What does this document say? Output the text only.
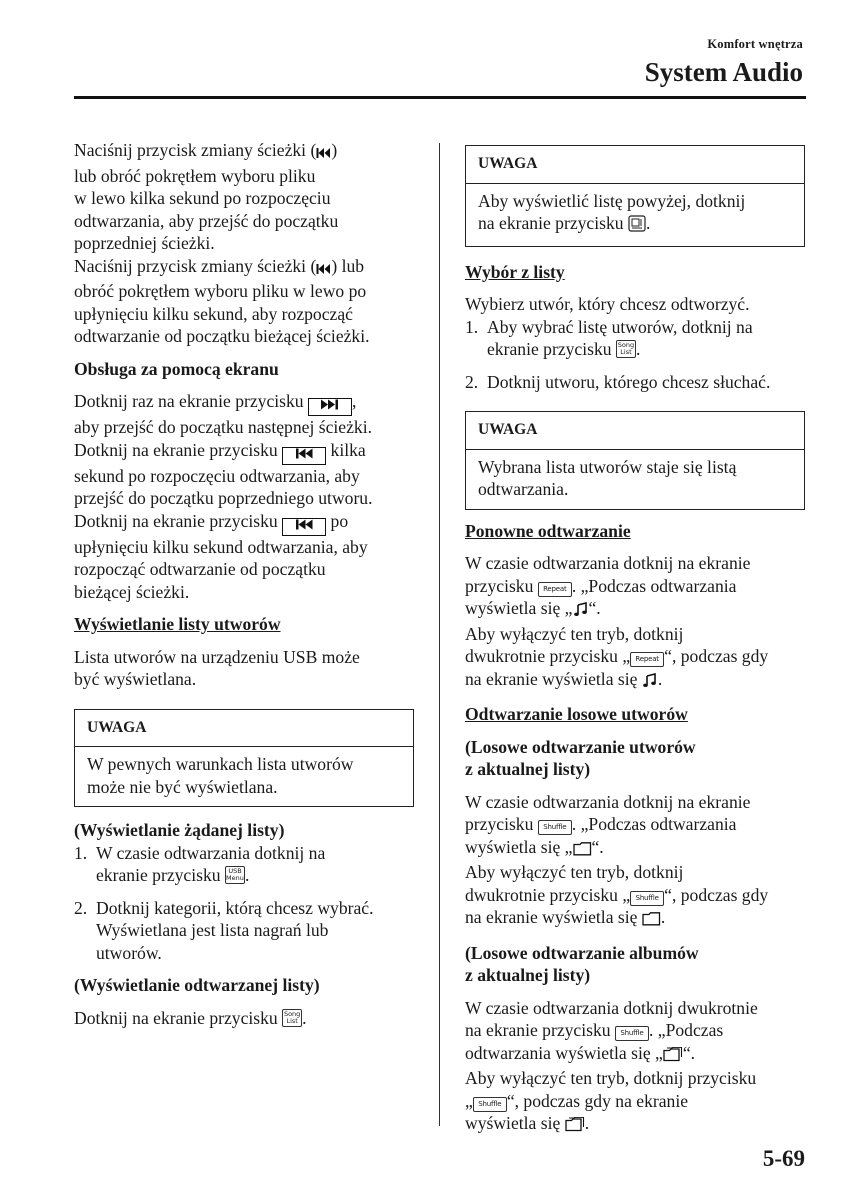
Komfort wnętrza
System Audio

Naciśnij przycisk zmiany ścieżki ( )
lub obróć pokrętłem wyboru pliku
w lewo kilka sekund po rozpoczęciu
odtwarzania, aby przejść do początku
poprzedniej ścieżki.
Naciśnij przycisk zmiany ścieżki ( ) lub
obróć pokrętłem wyboru pliku w lewo po
upłynięciu kilku sekund, aby rozpocząć
odtwarzanie od początku bieżącej ścieżki.

Obsługa za pomocą ekranu

Dotknij raz na ekranie przycisku	,
aby przejść do początku następnej ścieżki.
Dotknij na ekranie przycisku	kilka
sekund po rozpoczęciu odtwarzania, aby
przejść do początku poprzedniego utworu.
Dotknij na ekranie przycisku	po
upłynięciu kilku sekund odtwarzania, aby
rozpocząć odtwarzanie od początku
bieżącej ścieżki.

Wyświetlanie listy utworów

Lista utworów na urządzeniu USB może
być wyświetlana.

UWAGA
W pewnych warunkach lista utworów
może nie być wyświetlana.

(Wyświetlanie żądanej listy)

1. W czasie odtwarzania dotknij na
ekranie przycisku USB
Menu.
2. Dotknij kategorii, którą chcesz wybrać.
Wyświetlana jest lista nagrań lub
utworów.

(Wyświetlanie odtwarzanej listy)

Dotknij na ekranie przycisku Song
List .

UWAGA
Aby wyświetlić listę powyżej, dotknij
na ekranie przycisku .

Wybór z listy

Wybierz utwór, który chcesz odtworzyć.

1. Aby wybrać listę utworów, dotknij na
ekranie przycisku Song
List .
2. Dotknij utworu, którego chcesz słuchać.
UWAGA
Wybrana lista utworów staje się listą
odtwarzania.

Ponowne odtwarzanie

W czasie odtwarzania dotknij na ekranie
przycisku Repeat . „Podczas odtwarzania
wyświetla się „ “.
Aby wyłączyć ten tryb, dotknij
dwukrotnie przycisku „ Repeat “, podczas gdy
na ekranie wyświetla się .

Odtwarzanie losowe utworów

(Losowe odtwarzanie utworów
z aktualnej listy)

W czasie odtwarzania dotknij na ekranie
przycisku Shuffle . „Podczas odtwarzania
wyświetla się „ “.
Aby wyłączyć ten tryb, dotknij
dwukrotnie przycisku „ Shuffle “, podczas gdy
na ekranie wyświetla się .

(Losowe odtwarzanie albumów
z aktualnej listy)

W czasie odtwarzania dotknij dwukrotnie
na ekranie przycisku Shuffle . „Podczas
odtwarzania wyświetla się „ “.
Aby wyłączyć ten tryb, dotknij przycisku
„ Shuffle “, podczas gdy na ekranie
wyświetla się .

5-69
